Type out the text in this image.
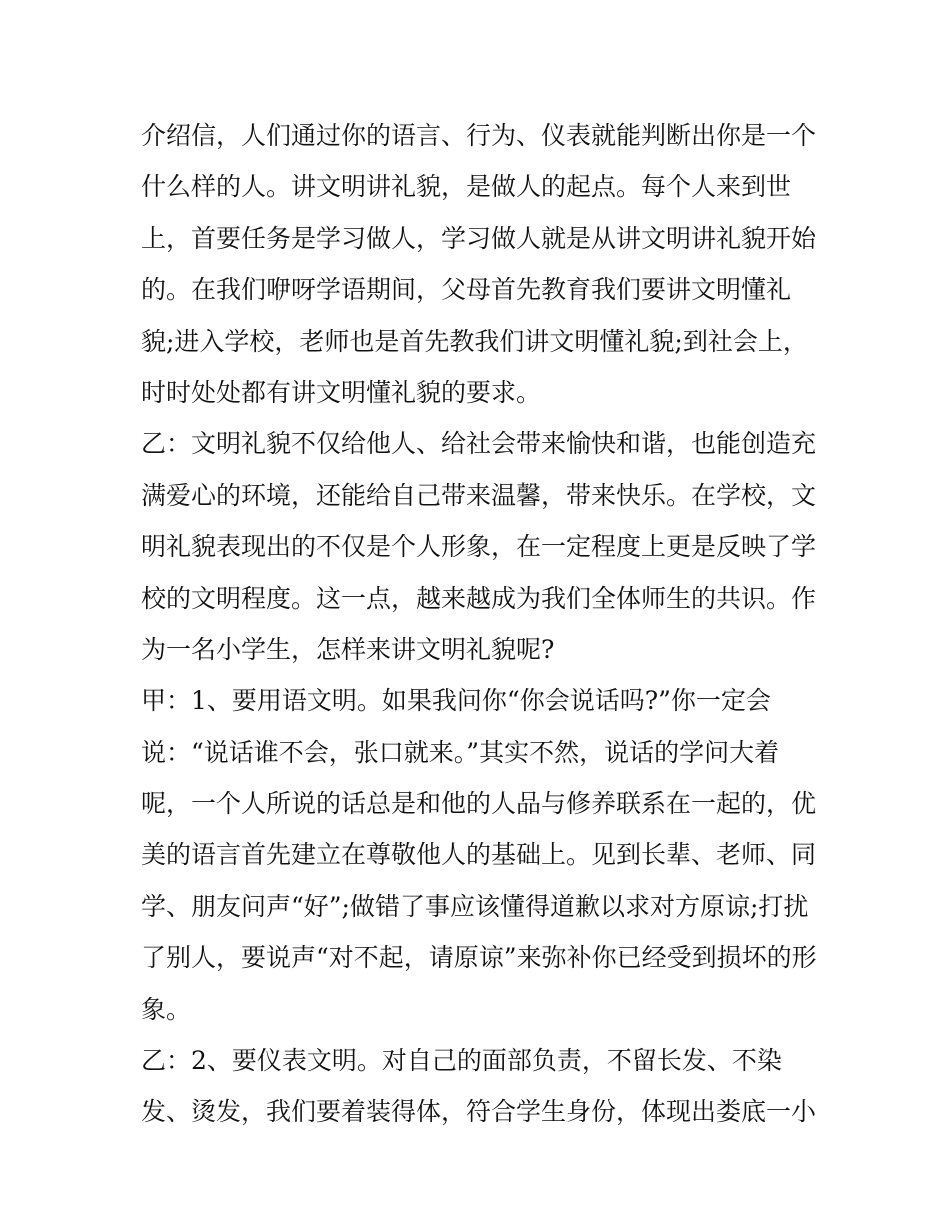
介绍信，人们通过你的语言、行为、仪表就能判断出你是一个
什么样的人。讲文明讲礼貌，是做人的起点。每个人来到世
上，首要任务是学习做人，学习做人就是从讲文明讲礼貌开始
的。在我们咿呀学语期间，父母首先教育我们要讲文明懂礼
貌;进入学校，老师也是首先教我们讲文明懂礼貌;到社会上，
时时处处都有讲文明懂礼貌的要求。
乙：文明礼貌不仅给他人、给社会带来愉快和谐，也能创造充
满爱心的环境，还能给自己带来温馨，带来快乐。在学校，文
明礼貌表现出的不仅是个人形象，在一定程度上更是反映了学
校的文明程度。这一点，越来越成为我们全体师生的共识。作
为一名小学生，怎样来讲文明礼貌呢?
甲：1、要用语文明。如果我问你“你会说话吗?”你一定会
说：“说话谁不会，张口就来。”其实不然，说话的学问大着
呢，一个人所说的话总是和他的人品与修养联系在一起的，优
美的语言首先建立在尊敬他人的基础上。见到长辈、老师、同
学、朋友问声“好”;做错了事应该懂得道歉以求对方原谅;打扰
了别人，要说声“对不起，请原谅”来弥补你已经受到损坏的形
象。
乙：2、要仪表文明。对自己的面部负责，不留长发、不染
发、烫发，我们要着装得体，符合学生身份，体现出娄底一小
